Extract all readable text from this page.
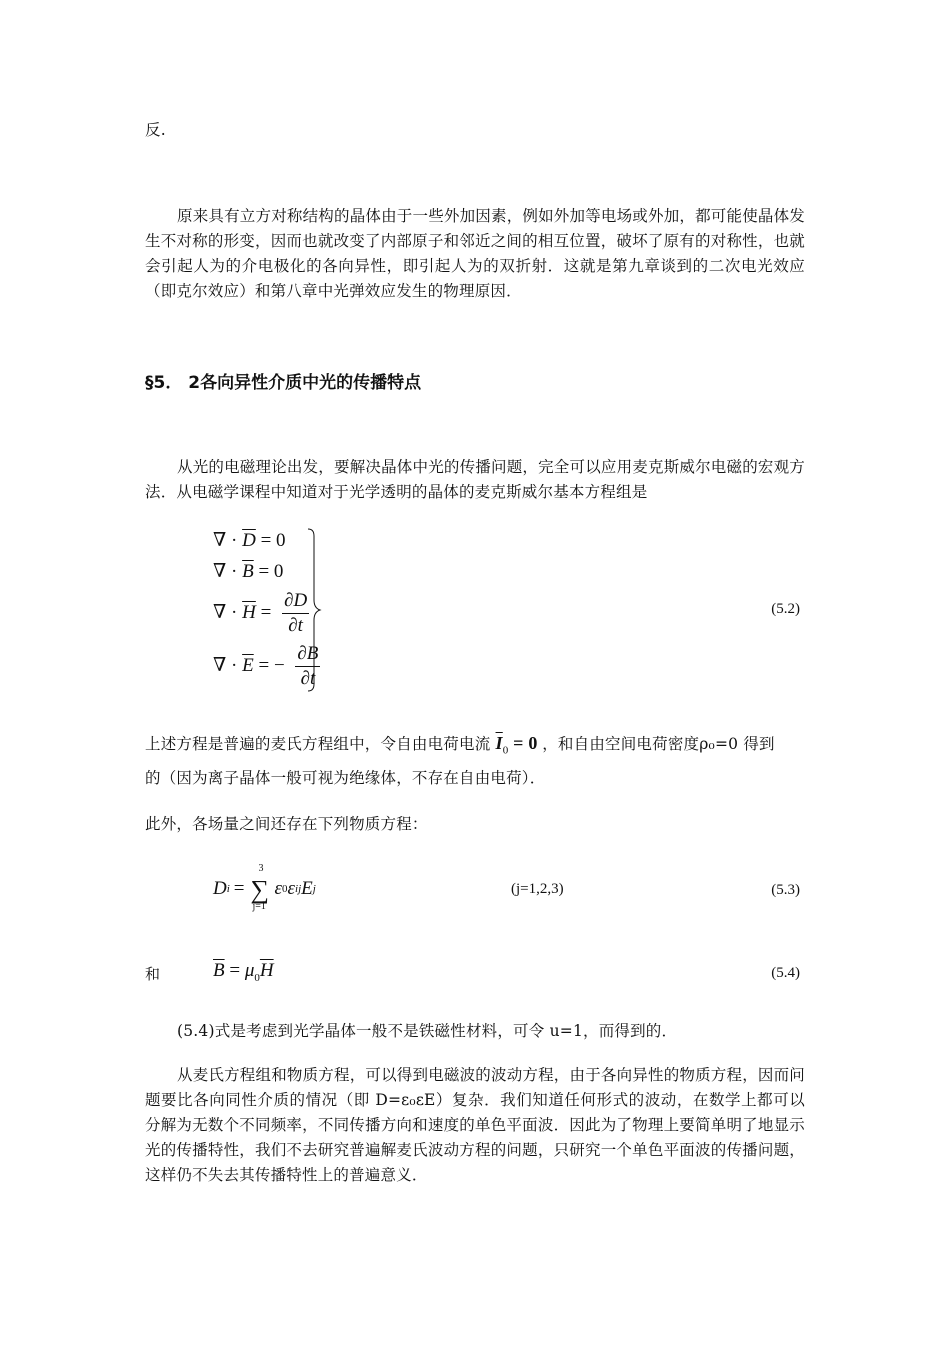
反.
原来具有立方对称结构的晶体由于一些外加因素，例如外加等电场或外加，都可能使晶体发生不对称的形变，因而也就改变了内部原子和邻近之间的相互位置，破坏了原有的对称性，也就会引起人为的介电极化的各向异性，即引起人为的双折射．这就是第九章谈到的二次电光效应（即克尔效应）和第八章中光弹效应发生的物理原因．
§5． 2各向异性介质中光的传播特点
从光的电磁理论出发，要解决晶体中光的传播问题，完全可以应用麦克斯威尔电磁的宏观方法．从电磁学课程中知道对于光学透明的晶体的麦克斯威尔基本方程组是
∇ · $\overline{D} = 0$
∇ · $\overline{B} = 0$
∇ · $\overline{H} = \frac{\partial D}{\partial t}$
∇ · $\overline{E}$ = − $\frac{\partial B}{\partial t}$
(5.2)
上述方程是普遍的麦氏方程组中，令自由电荷电流 $\overline{I}_0 = 0$ ，和自由空间电荷密度ρ₀=0 得到
的（因为离子晶体一般可视为绝缘体，不存在自由电荷）．
此外，各场量之间还存在下列物质方程：
D i =
3
∑
j=1
ε 0 ε ij E j	(j=1,2,3)	(5.3)
和	$\overline{B} = \mu_0\overline{H}$	(5.4)
(5.4)式是考虑到光学晶体一般不是铁磁性材料，可令 u=1，而得到的．
从麦氏方程组和物质方程，可以得到电磁波的波动方程，由于各向异性的物质方程，因而问题要比各向同性介质的情况（即 D=ε₀εE）复杂．我们知道任何形式的波动，在数学上都可以分解为无数个不同频率，不同传播方向和速度的单色平面波．因此为了物理上要简单明了地显示光的传播特性，我们不去研究普遍解麦氏波动方程的问题，只研究一个单色平面波的传播问题，这样仍不失去其传播特性上的普遍意义．
